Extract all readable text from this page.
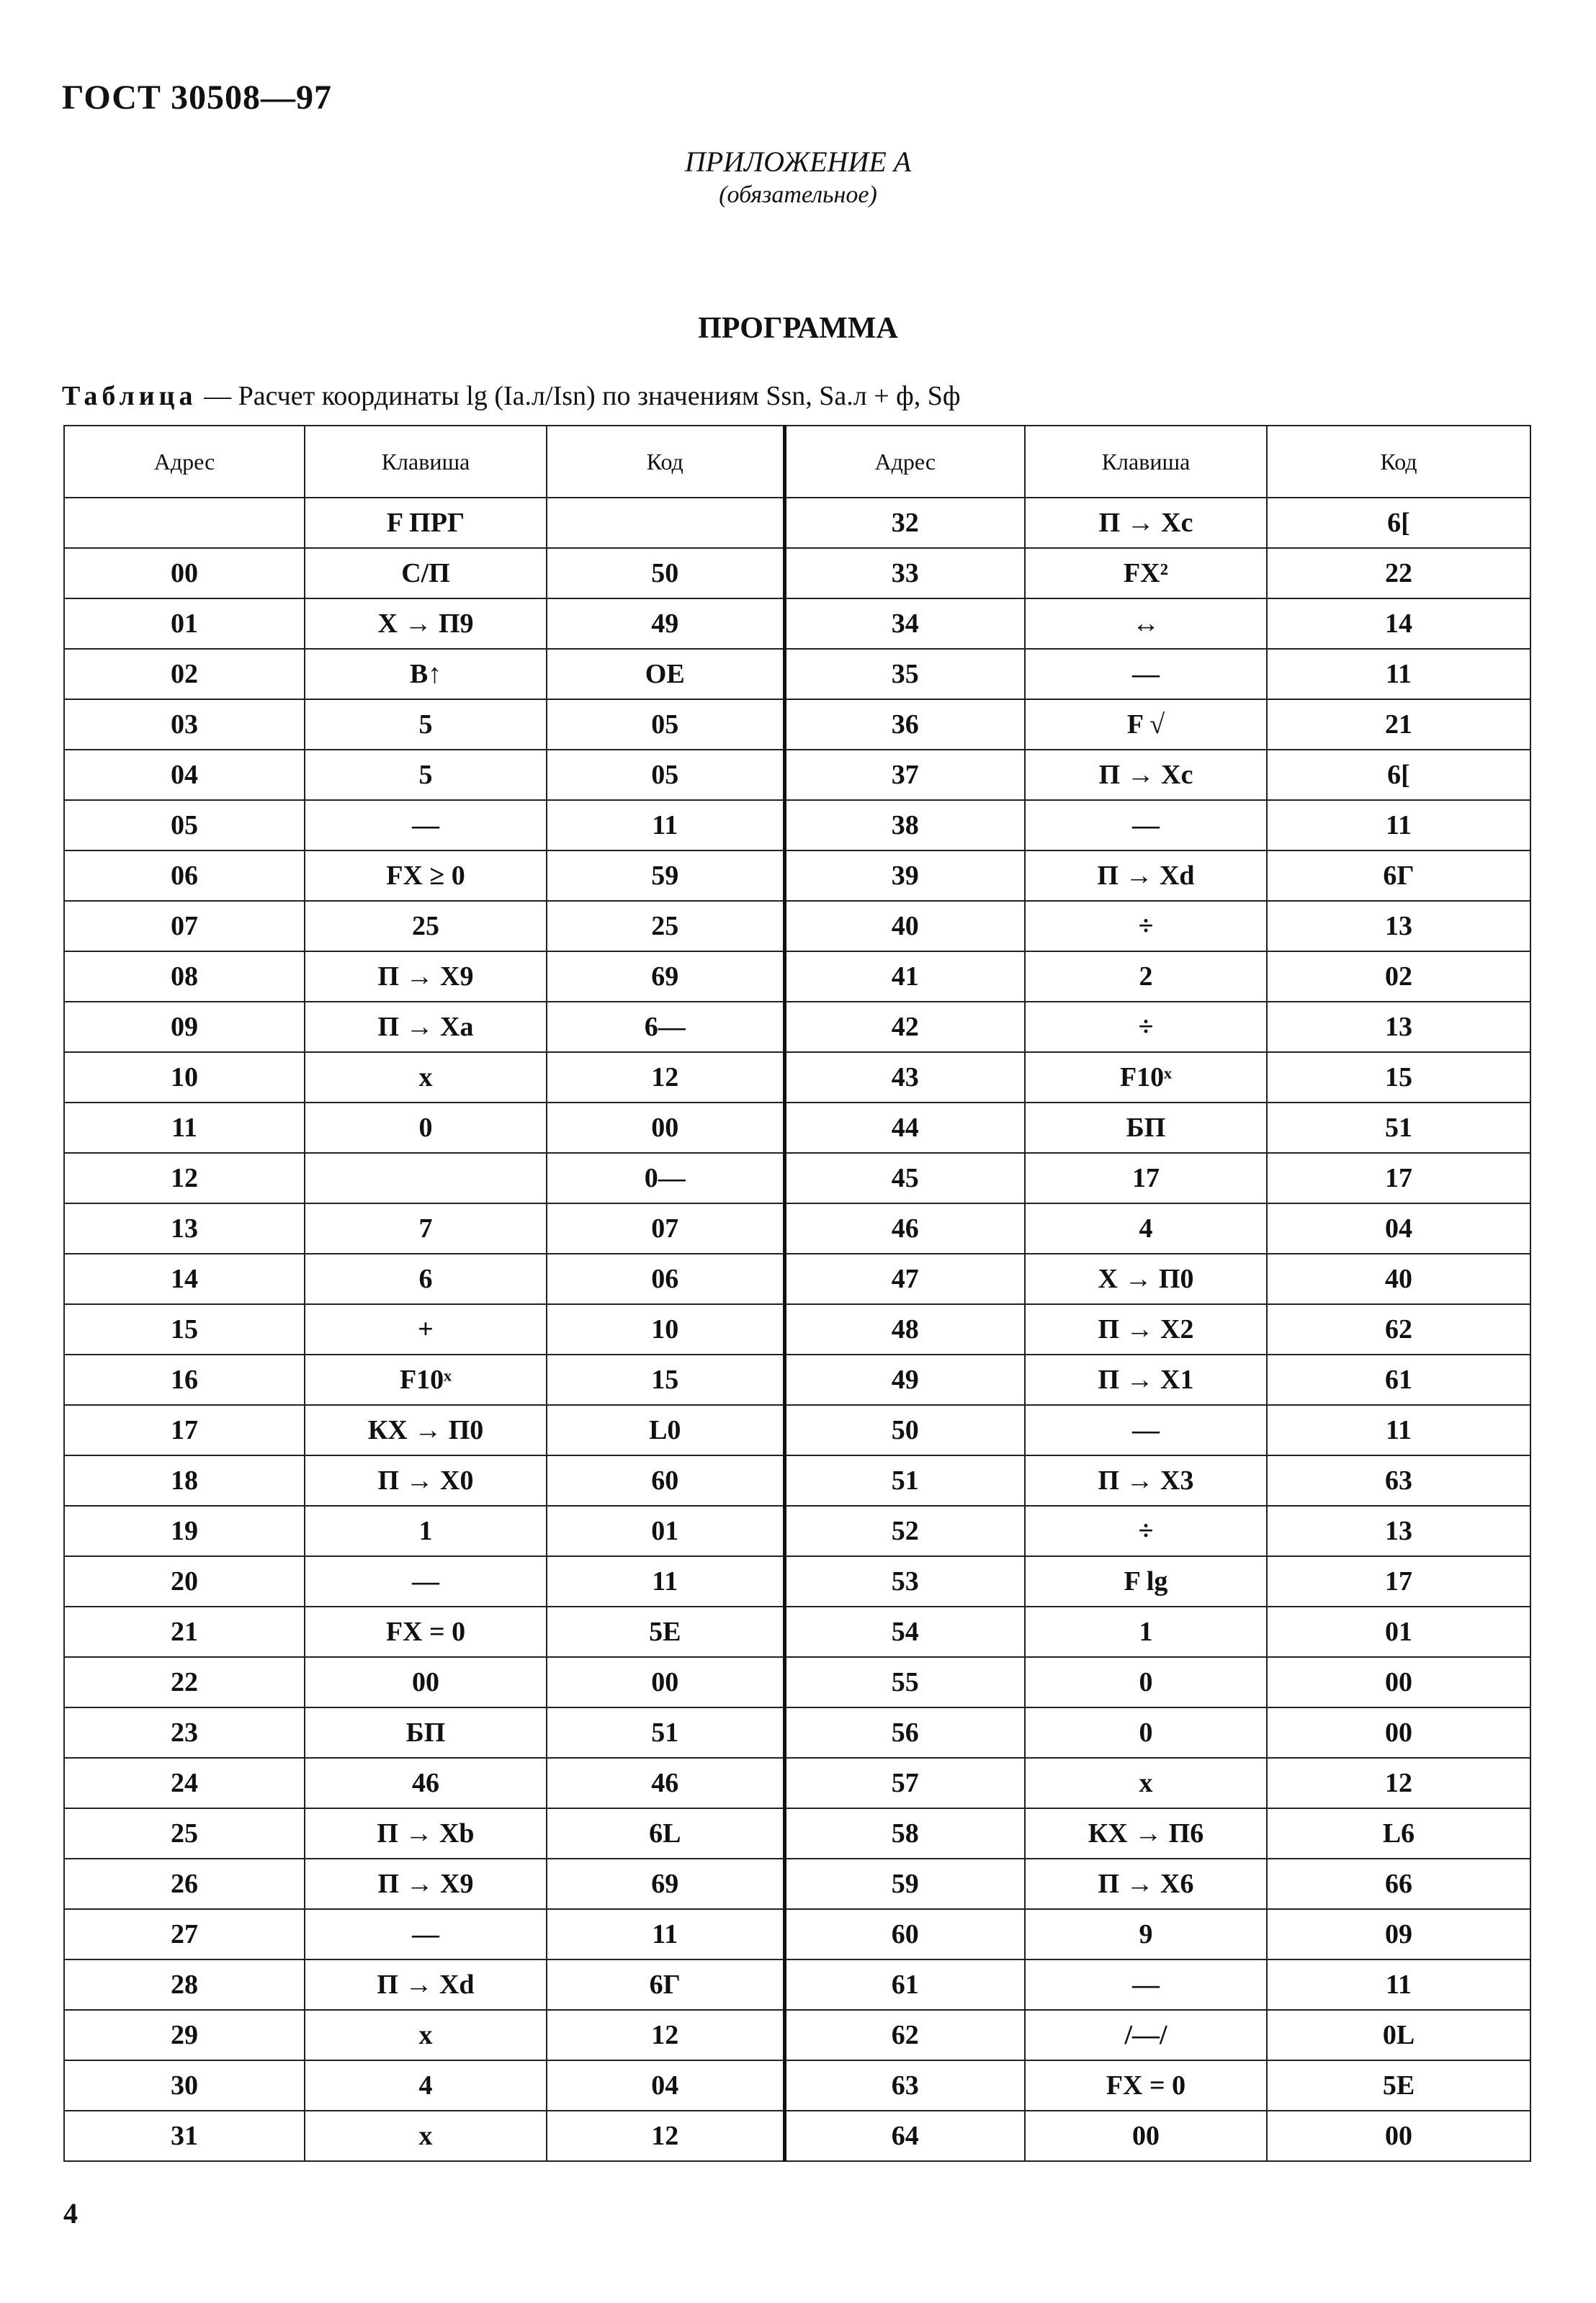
ГОСТ 30508—97
ПРИЛОЖЕНИЕ А
(обязательное)
ПРОГРАММА
Таблица — Расчет координаты lg (Iа.л/Isn) по значениям Ssn, Sа.л + ф, Sф
Адрес	Клавиша	Код	Адрес	Клавиша	Код
	F ПРГ		32	П → Xc	6[
00	С/П	50	33	FX²	22
01	X → П9	49	34	↔	14
02	В↑	OE	35	—	11
03	5	05	36	F √	21
04	5	05	37	П → Xc	6[
05	—	11	38	—	11
06	FX ≥ 0	59	39	П → Xd	6Г
07	25	25	40	÷	13
08	П → X9	69	41	2	02
09	П → Xa	6—	42	÷	13
10	x	12	43	F10ˣ	15
11	0	00	44	БП	51
12		0—	45	17	17
13	7	07	46	4	04
14	6	06	47	X → П0	40
15	+	10	48	П → X2	62
16	F10ˣ	15	49	П → X1	61
17	КX → П0	L0	50	—	11
18	П → X0	60	51	П → X3	63
19	1	01	52	÷	13
20	—	11	53	F lg	17
21	FX = 0	5E	54	1	01
22	00	00	55	0	00
23	БП	51	56	0	00
24	46	46	57	x	12
25	П → Xb	6L	58	КX → П6	L6
26	П → X9	69	59	П → X6	66
27	—	11	60	9	09
28	П → Xd	6Г	61	—	11
29	x	12	62	/—/	0L
30	4	04	63	FX = 0	5E
31	x	12	64	00	00
4
